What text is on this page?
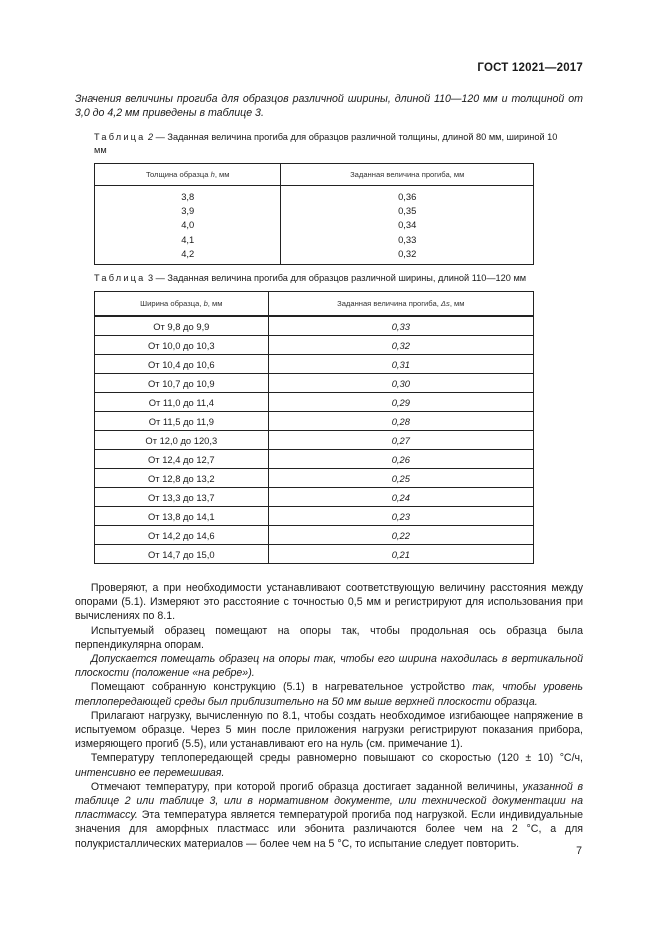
ГОСТ 12021—2017
Значения величины прогиба для образцов различной ширины, длиной 110—120 мм и толщиной от 3,0 до 4,2 мм приведены в таблице 3.
Таблица 2 — Заданная величина прогиба для образцов различной толщины, длиной 80 мм, шириной 10 мм
Толщина образца h, мм	Заданная величина прогиба, мм
3,8	0,36
3,9	0,35
4,0	0,34
4,1	0,33
4,2	0,32
Таблица 3 — Заданная величина прогиба для образцов различной ширины, длиной 110—120 мм
Ширина образца, b, мм	Заданная величина прогиба, Δs, мм
От 9,8 до 9,9	0,33
От 10,0 до 10,3	0,32
От 10,4 до 10,6	0,31
От 10,7 до 10,9	0,30
От 11,0 до 11,4	0,29
От 11,5 до 11,9	0,28
От 12,0 до 120,3	0,27
От 12,4 до 12,7	0,26
От 12,8 до 13,2	0,25
От 13,3 до 13,7	0,24
От 13,8 до 14,1	0,23
От 14,2 до 14,6	0,22
От 14,7 до 15,0	0,21

  Проверяют, а при необходимости устанавливают соответствующую величину расстояния между опорами (5.1). Измеряют это расстояние с точностью 0,5 мм и регистрируют для использования при вычислениях по 8.1.

  Испытуемый образец помещают на опоры так, чтобы продольная ось образца была перпендикулярна опорам.

  Допускается помещать образец на опоры так, чтобы его ширина находилась в вертикальной плоскости (положение «на ребре»).

  Помещают собранную конструкцию (5.1) в нагревательное устройство так, чтобы уровень теплопередающей среды был приблизительно на 50 мм выше верхней плоскости образца.

  Прилагают нагрузку, вычисленную по 8.1, чтобы создать необходимое изгибающее напряжение в испытуемом образце. Через 5 мин после приложения нагрузки регистрируют показания прибора, измеряющего прогиб (5.5), или устанавливают его на нуль (см. примечание 1).

  Температуру теплопередающей среды равномерно повышают со скоростью (120 ± 10) °С/ч, интенсивно ее перемешивая.

  Отмечают температуру, при которой прогиб образца достигает заданной величины, указанной в таблице 2 или таблице 3, или в нормативном документе, или технической документации на пластмассу. Эта температура является температурой прогиба под нагрузкой. Если индивидуальные значения для аморфных пластмасс или эбонита различаются более чем на 2 °С, а для полукристаллических материалов — более чем на 5 °С, то испытание следует повторить.

7
